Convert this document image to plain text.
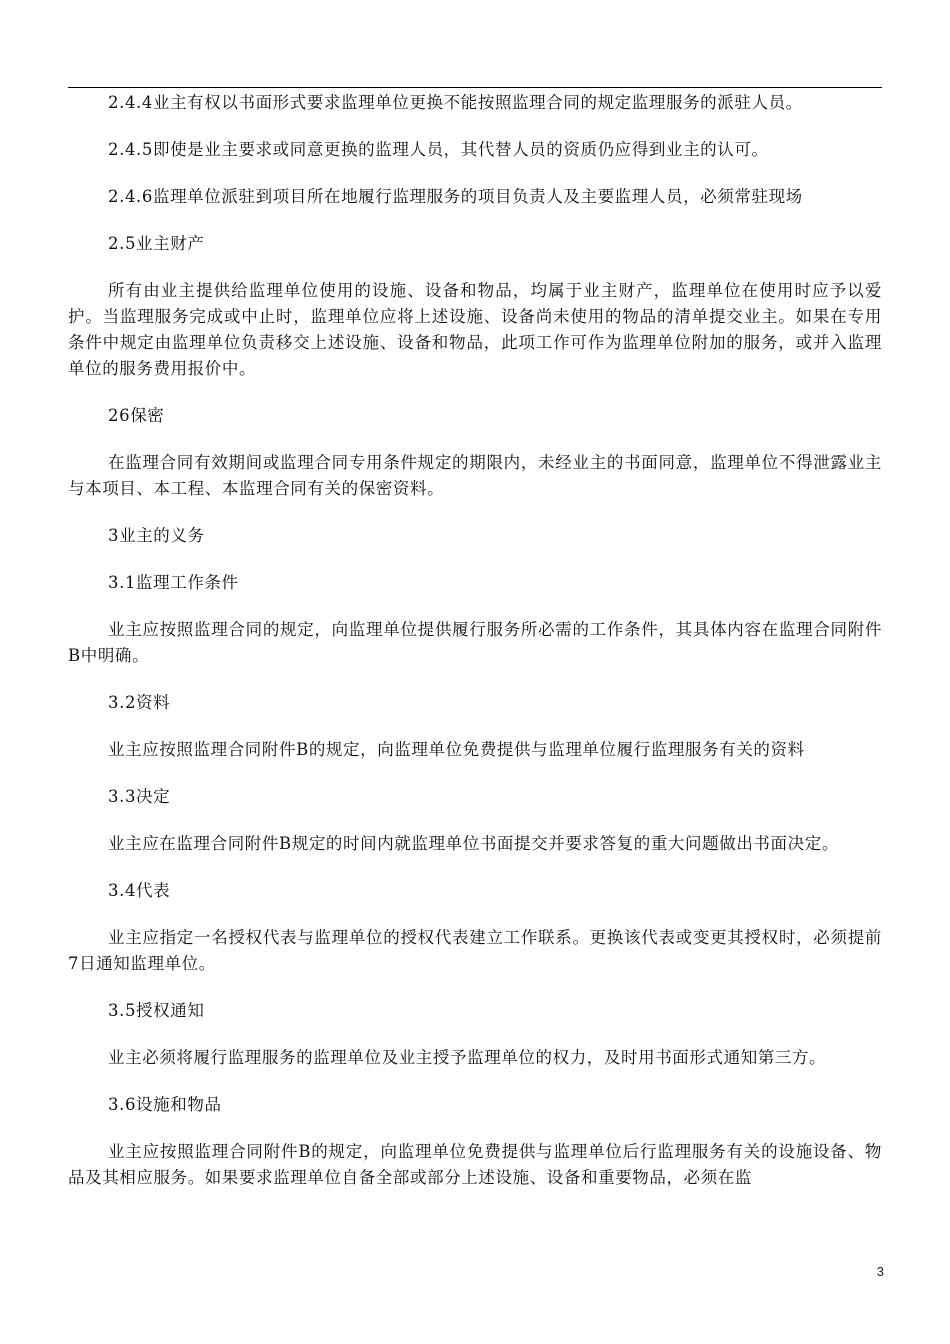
2.4.4业主有权以书面形式要求监理单位更换不能按照监理合同的规定监理服务的派驻人员。

2.4.5即使是业主要求或同意更换的监理人员，其代替人员的资质仍应得到业主的认可。

2.4.6监理单位派驻到项目所在地履行监理服务的项目负责人及主要监理人员，必须常驻现场

2.5业主财产

所有由业主提供给监理单位使用的设施、设备和物品，均属于业主财产，监理单位在使用时应予以爱护。当监理服务完成或中止时，监理单位应将上述设施、设备尚未使用的物品的清单提交业主。如果在专用条件中规定由监理单位负责移交上述设施、设备和物品，此项工作可作为监理单位附加的服务，或并入监理单位的服务费用报价中。

26保密

在监理合同有效期间或监理合同专用条件规定的期限内，未经业主的书面同意，监理单位不得泄露业主与本项目、本工程、本监理合同有关的保密资料。

3业主的义务

3.1监理工作条件

业主应按照监理合同的规定，向监理单位提供履行服务所必需的工作条件，其具体内容在监理合同附件B中明确。

3.2资料

业主应按照监理合同附件B的规定，向监理单位免费提供与监理单位履行监理服务有关的资料

3.3决定

业主应在监理合同附件B规定的时间内就监理单位书面提交并要求答复的重大问题做出书面决定。

3.4代表

业主应指定一名授权代表与监理单位的授权代表建立工作联系。更换该代表或变更其授权时，必须提前7日通知监理单位。

3.5授权通知

业主必须将履行监理服务的监理单位及业主授予监理单位的权力，及时用书面形式通知第三方。

3.6设施和物品

业主应按照监理合同附件B的规定，向监理单位免费提供与监理单位后行监理服务有关的设施设备、物品及其相应服务。如果要求监理单位自备全部或部分上述设施、设备和重要物品，必须在监

3
